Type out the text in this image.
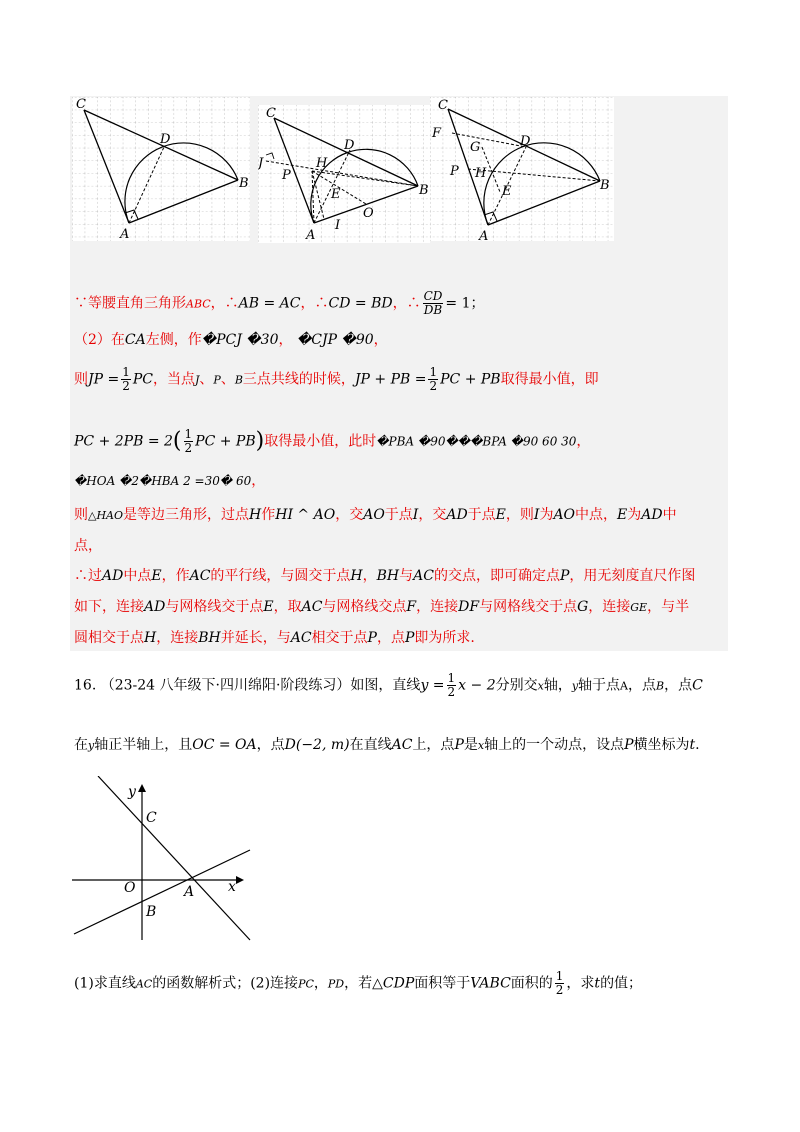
C
D
B
A
C
J
P
H
D
E	B
O
I
A
C
F
G	D
P H
E	B
A
∵等腰直角三角形ABC，∴AB = AC，∴CD = BD，∴ $\frac{CD}{DB} = 1$；
（2）在CA左侧，作�PCJ �30， �CJP �90，
则JP = $\frac{1}{2}$ PC，当点J、P、B三点共线的时候，JP + PB = $\frac{1}{2}$ PC + PB取得最小值，即
PC + $2PB = 2( \frac{1}{2}$ PC + PB)取得最小值，此时�PBA �90���BPA �90 60 30，
�HOA �2�HBA 2 =30� 60，
则△HAO是等边三角形，过点H作HI ^ AO，交AO于点I，交AD于点E，则I为AO中点，E为AD中
点，
∴过AD中点E，作AC的平行线，与圆交于点H，BH与AC的交点，即可确定点P，用无刻度直尺作图
如下，连接AD与网格线交于点E，取AC与网格线交点F，连接DF与网格线交于点G，连接GE，与半
圆相交于点H，连接BH并延长，与AC相交于点P，点P即为所求.
16. （23-24 八年级下·四川绵阳·阶段练习）如图，直线$y = \frac{1}{2}$ x − 2分别交x轴，y轴于点A，点B，点C
在y轴正半轴上，且OC = OA，点D(−2, m)在直线AC上，点P是x轴上的一个动点，设点P横坐标为t.
y
C
O	A x
B
(1)求直线AC的函数解析式；(2)连接PC，PD，若△CDP面积等于VABC面积的 $\frac{1}{2}$ ，求t的值；
